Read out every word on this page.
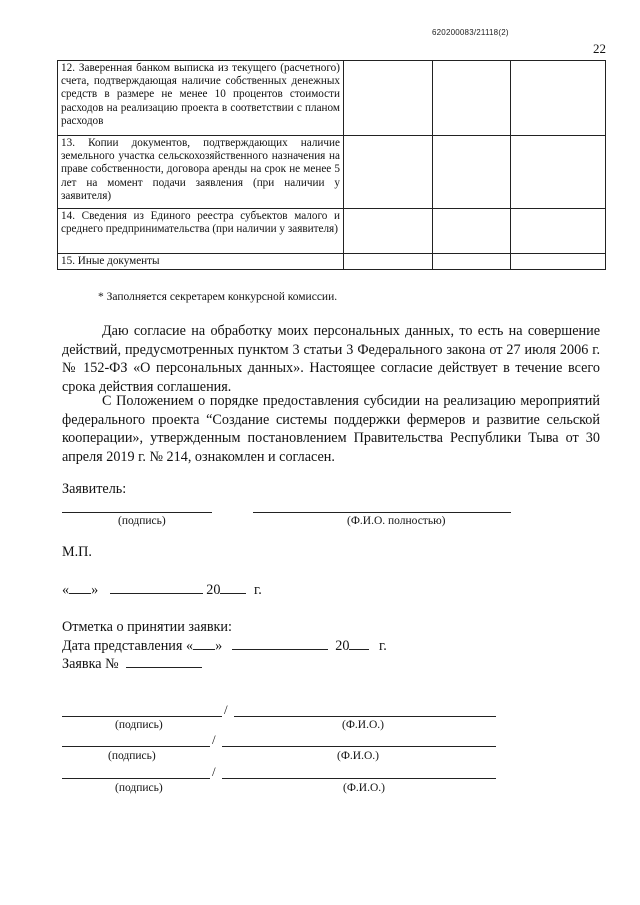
620200083/21118(2)
22
12. Заверенная банком выписка из текущего (расчетного) счета, подтверждающая наличие собственных денежных средств в размере не менее 10 процентов стоимости расходов на реализацию проекта в соответствии с планом расходов			
13. Копии документов, подтверждающих наличие земельного участка сельскохозяйственного назначения на праве собственности, договора аренды на срок не менее 5 лет на момент подачи заявления (при наличии у заявителя)			
14. Сведения из Единого реестра субъектов малого и среднего предпринимательства (при наличии у заявителя)			
15. Иные документы			
* Заполняется секретарем конкурсной комиссии.

Даю согласие на обработку моих персональных данных, то есть на совершение действий, предусмотренных пунктом 3 статьи 3 Федерального закона от 27 июля 2006 г. № 152-ФЗ «О персональных данных». Настоящее согласие действует в течение всего срока действия соглашения.

С Положением о порядке предоставления субсидии на реализацию мероприятий федерального проекта “Создание системы поддержки фермеров и развитие сельской кооперации», утвержденным постановлением Правительства Республики Тыва от 30 апреля 2019 г. № 214, ознакомлен и согласен.

Заявитель:
(подпись)	(Ф.И.О. полностью)
М.П.
« »	20 г.
Отметка о принятии заявки:
Дата представления « »	20 г.
Заявка №
/
(подпись)	(Ф.И.О.)
/
(подпись)	(Ф.И.О.)
/
(подпись)	(Ф.И.О.)
